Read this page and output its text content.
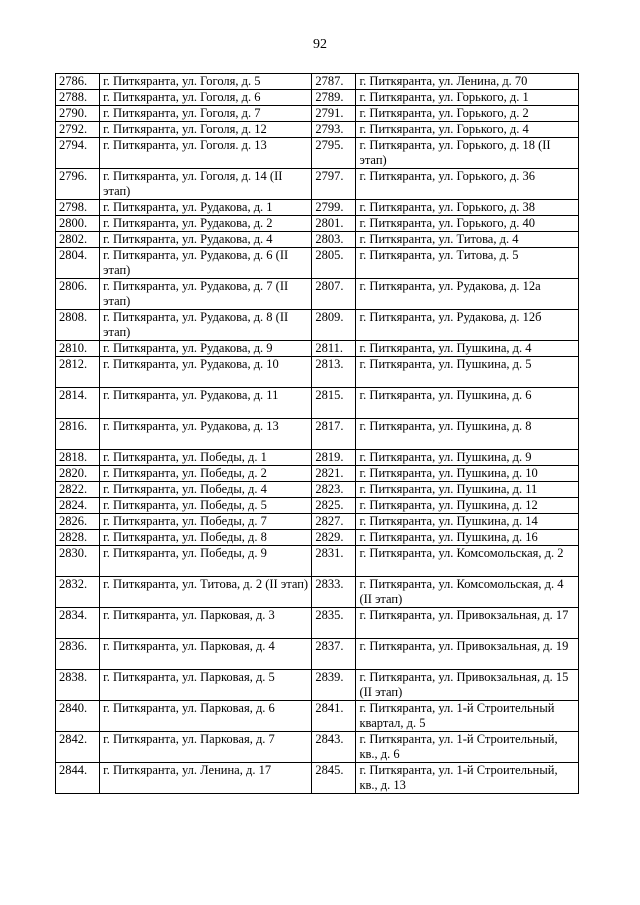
92
2786.	г. Питкяранта, ул. Гоголя, д. 5	2787.	г. Питкяранта, ул. Ленина, д. 70
2788.	г. Питкяранта, ул. Гоголя, д. 6	2789.	г. Питкяранта, ул. Горького, д. 1
2790.	г. Питкяранта, ул. Гоголя, д. 7	2791.	г. Питкяранта, ул. Горького, д. 2
2792.	г. Питкяранта, ул. Гоголя, д. 12	2793.	г. Питкяранта, ул. Горького, д. 4
2794.	г. Питкяранта, ул. Гоголя. д. 13	2795.	г. Питкяранта, ул. Горького, д. 18 (II этап)
2796.	г. Питкяранта, ул. Гоголя, д. 14 (II этап)	2797.	г. Питкяранта, ул. Горького, д. 36
2798.	г. Питкяранта, ул. Рудакова, д. 1	2799.	г. Питкяранта, ул. Горького, д. 38
2800.	г. Питкяранта, ул. Рудакова, д. 2	2801.	г. Питкяранта, ул. Горького, д. 40
2802.	г. Питкяранта, ул. Рудакова, д. 4	2803.	г. Питкяранта, ул. Титова, д. 4
2804.	г. Питкяранта, ул. Рудакова, д. 6 (II этап)	2805.	г. Питкяранта, ул. Титова, д. 5
2806.	г. Питкяранта, ул. Рудакова, д. 7 (II этап)	2807.	г. Питкяранта, ул. Рудакова, д. 12а
2808.	г. Питкяранта, ул. Рудакова, д. 8 (II этап)	2809.	г. Питкяранта, ул. Рудакова, д. 12б
2810.	г. Питкяранта, ул. Рудакова, д. 9	2811.	г. Питкяранта, ул. Пушкина, д. 4
2812.	г. Питкяранта, ул. Рудакова, д. 10	2813.	г. Питкяранта, ул. Пушкина, д. 5
2814.	г. Питкяранта, ул. Рудакова, д. 11	2815.	г. Питкяранта, ул. Пушкина, д. 6
2816.	г. Питкяранта, ул. Рудакова, д. 13	2817.	г. Питкяранта, ул. Пушкина, д. 8
2818.	г. Питкяранта, ул. Победы, д. 1	2819.	г. Питкяранта, ул. Пушкина, д. 9
2820.	г. Питкяранта, ул. Победы, д. 2	2821.	г. Питкяранта, ул. Пушкина, д. 10
2822.	г. Питкяранта, ул. Победы, д. 4	2823.	г. Питкяранта, ул. Пушкина, д. 11
2824.	г. Питкяранта, ул. Победы, д. 5	2825.	г. Питкяранта, ул. Пушкина, д. 12
2826.	г. Питкяранта, ул. Победы, д. 7	2827.	г. Питкяранта, ул. Пушкина, д. 14
2828.	г. Питкяранта, ул. Победы, д. 8	2829.	г. Питкяранта, ул. Пушкина, д. 16
2830.	г. Питкяранта, ул. Победы, д. 9	2831.	г. Питкяранта, ул. Комсомольская, д. 2
2832.	г. Питкяранта, ул. Титова, д. 2 (II этап)	2833.	г. Питкяранта, ул. Комсомольская, д. 4 (II этап)
2834.	г. Питкяранта, ул. Парковая, д. 3	2835.	г. Питкяранта, ул. Привокзальная, д. 17
2836.	г. Питкяранта, ул. Парковая, д. 4	2837.	г. Питкяранта, ул. Привокзальная, д. 19
2838.	г. Питкяранта, ул. Парковая, д. 5	2839.	г. Питкяранта, ул. Привокзальная, д. 15 (II этап)
2840.	г. Питкяранта, ул. Парковая, д. 6	2841.	г. Питкяранта, ул. 1-й Строительный квартал, д. 5
2842.	г. Питкяранта, ул. Парковая, д. 7	2843.	г. Питкяранта, ул. 1-й Строительный, кв., д. 6
2844.	г. Питкяранта, ул. Ленина, д. 17	2845.	г. Питкяранта, ул. 1-й Строительный, кв., д. 13
